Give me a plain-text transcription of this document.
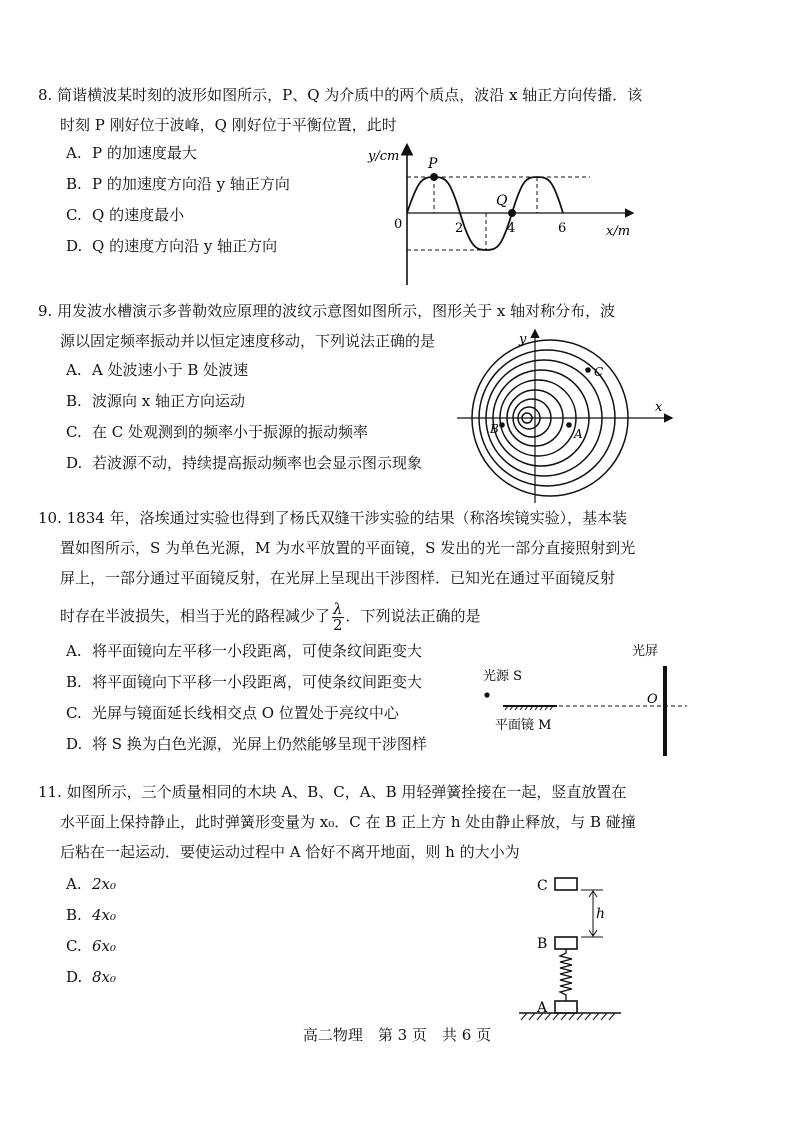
8. 简谐横波某时刻的波形如图所示，P、Q 为介质中的两个质点，波沿 x 轴正方向传播．该
时刻 P 刚好位于波峰，Q 刚好位于平衡位置，此时
A. P 的加速度最大
B. P 的加速度方向沿 y 轴正方向
C. Q 的速度最小
D. Q 的速度方向沿 y 轴正方向
y/cm P
Q
0	2	4	6	x/m
9. 用发波水槽演示多普勒效应原理的波纹示意图如图所示，图形关于 x 轴对称分布，波
源以固定频率振动并以恒定速度移动，下列说法正确的是
A. A 处波速小于 B 处波速
B. 波源向 x 轴正方向运动
C. 在 C 处观测到的频率小于振源的振动频率
D. 若波源不动，持续提高振动频率也会显示图示现象
y
x
A
B
C
10. 1834 年，洛埃通过实验也得到了杨氏双缝干涉实验的结果（称洛埃镜实验），基本装
置如图所示，S 为单色光源，M 为水平放置的平面镜，S 发出的光一部分直接照射到光
屏上，一部分通过平面镜反射，在光屏上呈现出干涉图样．已知光在通过平面镜反射
时存在半波损失，相当于光的路程减少了 $\frac{\lambda}{2}$ ．下列说法正确的是
A. 将平面镜向左平移一小段距离，可使条纹间距变大
B. 将平面镜向下平移一小段距离，可使条纹间距变大
C. 光屏与镜面延长线相交点 O 位置处于亮纹中心
D. 将 S 换为白色光源，光屏上仍然能够呈现干涉图样
光屏
光源 S
平面镜 M
O
11. 如图所示，三个质量相同的木块 A、B、C，A、B 用轻弹簧拴接在一起，竖直放置在
水平面上保持静止，此时弹簧形变量为 x₀．C 在 B 正上方 h 处由静止释放，与 B 碰撞
后粘在一起运动．要使运动过程中 A 恰好不离开地面，则 h 的大小为
A. 2x₀
B. 4x₀
C. 6x₀
D. 8x₀
C
h
B
A
高二物理　第 3 页　共 6 页
